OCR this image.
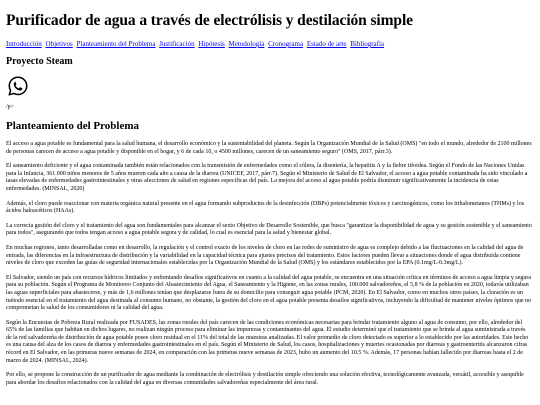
Purificador de agua a través de electrólisis y destilación simple
Introducción Objetivos Planteamiento del Problema Justificación Hipótesis Metodología Cronograma Estado de arte Bibliografía
Proyecto Steam
/p>
Planteamiento del Problema

El acceso a agua potable es fundamental para la salud humana, el desarrollo económico y la sustentabilidad del planeta. Según la Organización Mundial de la Salud (OMS) "en todo el mundo, alrededor de 2100 millones de personas carecen de acceso a agua potable y disponible en el hogar, y 6 de cada 10, o 4500 millones, carecen de un saneamiento seguro" (OMS, 2017, párr.3).

El saneamiento deficiente y el agua contaminada también están relacionados con la transmisión de enfermedades como el cólera, la disentería, la hepatitis A y la fiebre tifoidea. Según el Fondo de las Naciones Unidas para la Infancia, 361.000 niños menores de 5 años mueren cada año a causa de la diarrea (UNICEF, 2017, párr.7). Según el Ministerio de Salud de El Salvador, el acceso a agua potable contaminada ha sido vinculado a tasas elevadas de enfermedades gastrointestinales y otras afecciones de salud en regiones específicas del país. La mejora del acceso al agua potable podría disminuir significativamente la incidencia de estas enfermedades. (MINSAL, 2020)

Además, el cloro puede reaccionar con materia orgánica natural presente en el agua formando subproductos de la desinfección (DBPs) potencialmente tóxicos y carcinogénicos, como los trihalometanos (THMs) y los ácidos haloacéticos (HAAs).

La correcta gestión del cloro y el tratamiento del agua son fundamentales para alcanzar el sexto Objetivo de Desarrollo Sostenible, que busca "garantizar la disponibilidad de agua y su gestión sostenible y el saneamiento para todos", asegurando que todos tengan acceso a agua potable segura y de calidad, lo cual es esencial para la salud y bienestar global.

En muchas regiones, tanto desarrolladas como en desarrollo, la regulación y el control exacto de los niveles de cloro en las redes de suministro de agua es complejo debido a las fluctuaciones en la calidad del agua de entrada, las diferencias en la infraestructura de distribución y la variabilidad en la capacidad técnica para ajustes precisos del tratamiento. Estos factores pueden llevar a situaciones donde el agua distribuida contiene niveles de cloro que exceden las guías de seguridad internacionales establecidas por la Organización Mundial de la Salud (OMS) y los estándares establecidos por la EPA (0.1mg/L-0.3mg/L).

El Salvador, siendo un país con recursos hídricos limitados y enfrentando desafíos significativos en cuanto a la calidad del agua potable, se encuentra en una situación crítica en términos de acceso a agua limpia y segura para su población. Según el Programa de Monitoreo Conjunto del Abastecimiento del Agua, el Saneamiento y la Higiene, en las zonas rurales, 100.000 salvadoreños, el 5,8 % de la población en 2020, todavía utilizaban las aguas superficiales para abastecerse, y más de 1,6 millones tenían que desplazarse fuera de su domicilio para conseguir agua potable (PCM, 2020). En El Salvador, como en muchos otros países, la cloración es un método esencial en el tratamiento del agua destinada al consumo humano, no obstante, la gestión del cloro en el agua potable presenta desafíos significativos, incluyendo la dificultad de mantener niveles óptimos que no comprometan la salud de los consumidores ni la calidad del agua.

Según la Encuestas de Pobreza Rural realizada por FUSADES, las zonas rurales del país carecen de las condiciones económicas necesarias para brindar tratamiento alguno al agua de consumo, por ello, alrededor del 65% de las familias que habitan en dichos lugares, no realizan ningún proceso para eliminar las impurezas y contaminantes del agua. El estudio determinó que el tratamiento que se brinda al agua suministrada a través de la red salvadoreña de distribución de agua potable posee cloro residual en el 11% del total de las muestras analizadas. El valor promedio de cloro detectado es superior a lo establecido por las autoridades. Este hecho es una causa del alza de los casos de diarrea y enfermedades gastrointestinales en el país. Según el Ministerio de Salud, los casos, hospitalizaciones y muertes ocasionadas por diarreas y gastroenteritis alcanzaron cifras récord en El Salvador, en las primeras nueve semanas de 2024, en comparación con las primeras nueve semanas de 2023, hubo un aumento del 10.5 %. Además, 17 personas habían fallecido por diarreas hasta el 2 de marzo de 2024. (MINSAL, 2024).

Por ello, se propone la construcción de un purificador de agua mediante la combinación de electrólisis y destilación simple ofreciendo una solución efectiva, tecnológicamente avanzada, versátil, accesible y asequible para abordar los desafíos relacionados con la calidad del agua en diversas comunidades salvadoreñas especialmente del área rural.
